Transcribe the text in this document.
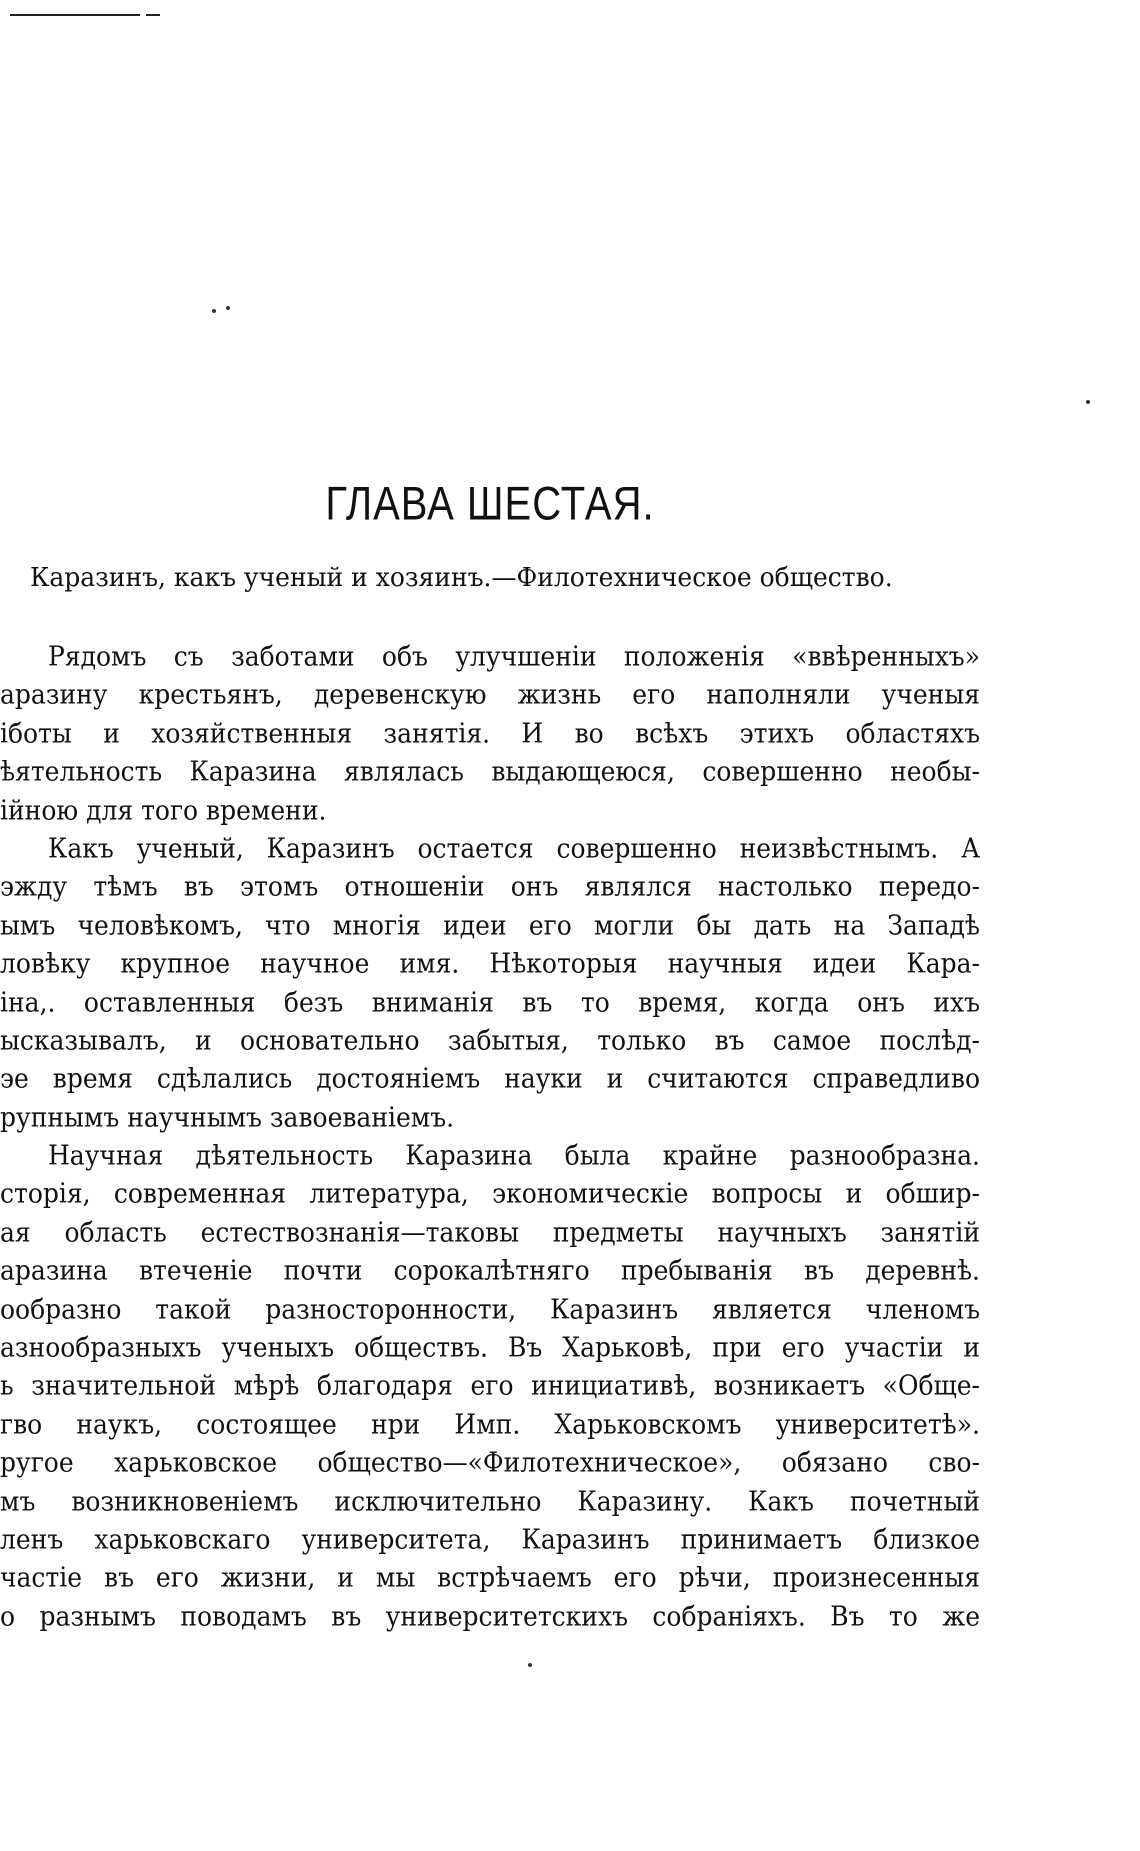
ГЛАВА ШЕСТАЯ.
Каразинъ, какъ ученый и хозяинъ.—Филотехническое общество.
Рядомъ съ заботами объ улучшеніи положенія «ввѣренныхъ»
аразину крестьянъ, деревенскую жизнь его наполняли ученыя
іботы и хозяйственныя занятія. И во всѣхъ этихъ областяхъ
ѣятельность Каразина являлась выдающеюся, совершенно необы-
ійною для того времени.
Какъ ученый, Каразинъ остается совершенно неизвѣстнымъ. А
эжду тѣмъ въ этомъ отношеніи онъ являлся настолько передо-
ымъ человѣкомъ, что многія идеи его могли бы дать на Западѣ
ловѣку крупное научное имя. Нѣкоторыя научныя идеи Кара-
іна,. оставленныя безъ вниманія въ то время, когда онъ ихъ
ысказывалъ, и основательно забытыя, только въ самое послѣд-
эе время сдѣлались достояніемъ науки и считаются справедливо
рупнымъ научнымъ завоеваніемъ.
Научная дѣятельность Каразина была крайне разнообразна.
сторія, современная литература, экономическіе вопросы и обшир-
ая область естествознанія—таковы предметы научныхъ занятій
аразина втеченіе почти сорокалѣтняго пребыванія въ деревнѣ.
ообразно такой разносторонности, Каразинъ является членомъ
азнообразныхъ ученыхъ обществъ. Въ Харьковѣ, при его участіи и
ь значительной мѣрѣ благодаря его инициативѣ, возникаетъ «Обще-
гво наукъ, состоящее нри Имп. Харьковскомъ университетѣ».
ругое харьковское общество—«Филотехническое», обязано сво-
мъ возникновеніемъ исключительно Каразину. Какъ почетный
ленъ харьковскаго университета, Каразинъ принимаетъ близкое
частіе въ его жизни, и мы встрѣчаемъ его рѣчи, произнесенныя
о разнымъ поводамъ въ университетскихъ собраніяхъ. Въ то же
